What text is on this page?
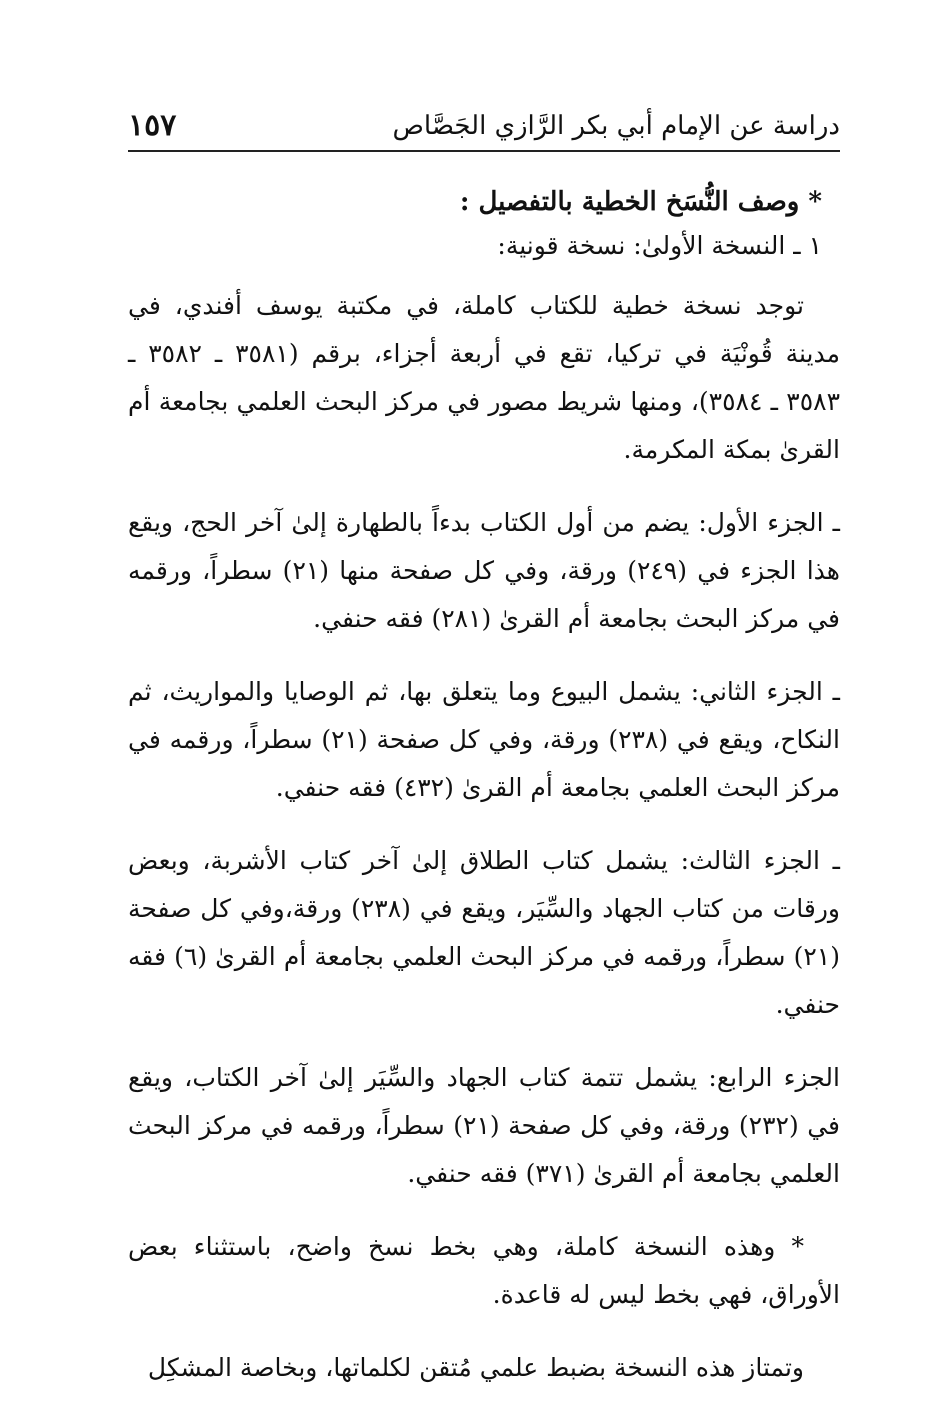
دراسة عن الإمام أبي بكر الرَّازي الجَصَّاص
١٥٧
* وصف النُّسَخ الخطية بالتفصيل :
١ ـ النسخة الأولىٰ: نسخة قونية:

توجد نسخة خطية للكتاب كاملة، في مكتبة يوسف أفندي، في مدينة قُونْيَة في تركيا، تقع في أربعة أجزاء، برقم (٣٥٨١ ـ ٣٥٨٢ ـ ٣٥٨٣ ـ ٣٥٨٤)، ومنها شريط مصور في مركز البحث العلمي بجامعة أم القرىٰ بمكة المكرمة.

ـ الجزء الأول: يضم من أول الكتاب بدءاً بالطهارة إلىٰ آخر الحج، ويقع هذا الجزء في (٢٤٩) ورقة، وفي كل صفحة منها (٢١) سطراً، ورقمه في مركز البحث بجامعة أم القرىٰ (٢٨١) فقه حنفي.

ـ الجزء الثاني: يشمل البيوع وما يتعلق بها، ثم الوصايا والمواريث، ثم النكاح، ويقع في (٢٣٨) ورقة، وفي كل صفحة (٢١) سطراً، ورقمه في مركز البحث العلمي بجامعة أم القرىٰ (٤٣٢) فقه حنفي.

ـ الجزء الثالث: يشمل كتاب الطلاق إلىٰ آخر كتاب الأشربة، وبعض ورقات من كتاب الجهاد والسِّيَر، ويقع في (٢٣٨) ورقة،وفي كل صفحة (٢١) سطراً، ورقمه في مركز البحث العلمي بجامعة أم القرىٰ (٦) فقه حنفي.

الجزء الرابع: يشمل تتمة كتاب الجهاد والسِّيَر إلىٰ آخر الكتاب، ويقع في (٢٣٢) ورقة، وفي كل صفحة (٢١) سطراً، ورقمه في مركز البحث العلمي بجامعة أم القرىٰ (٣٧١) فقه حنفي.

* وهذه النسخة كاملة، وهي بخط نسخ واضح، باستثناء بعض الأوراق، فهي بخط ليس له قاعدة.

وتمتاز هذه النسخة بضبط علمي مُتقن لكلماتها، وبخاصة المشكِل
